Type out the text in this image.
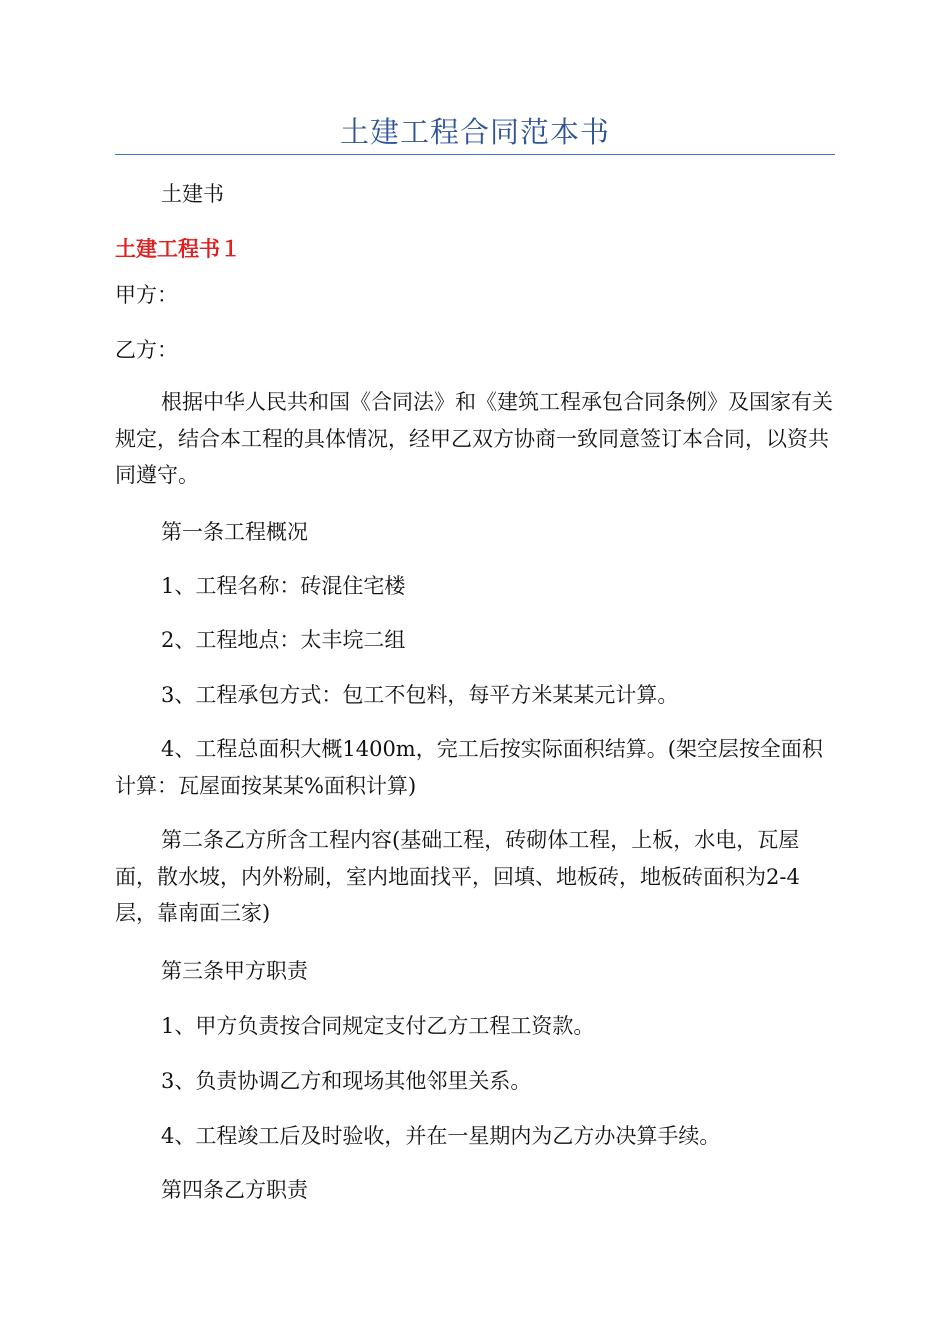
土建工程合同范本书

土建书

土建工程书１

甲方：

乙方：

根据中华人民共和国《合同法》和《建筑工程承包合同条例》及国家有关规定，结合本工程的具体情况，经甲乙双方协商一致同意签订本合同，以资共同遵守。

第一条工程概况

1、工程名称：砖混住宅楼

2、工程地点：太丰垸二组

3、工程承包方式：包工不包料，每平方米某某元计算。

4、工程总面积大概1400m，完工后按实际面积结算。(架空层按全面积计算：瓦屋面按某某%面积计算)

第二条乙方所含工程内容(基础工程，砖砌体工程，上板，水电，瓦屋面，散水坡，内外粉刷，室内地面找平，回填、地板砖，地板砖面积为2-4层，靠南面三家)

第三条甲方职责

1、甲方负责按合同规定支付乙方工程工资款。

3、负责协调乙方和现场其他邻里关系。

4、工程竣工后及时验收，并在一星期内为乙方办决算手续。

第四条乙方职责
